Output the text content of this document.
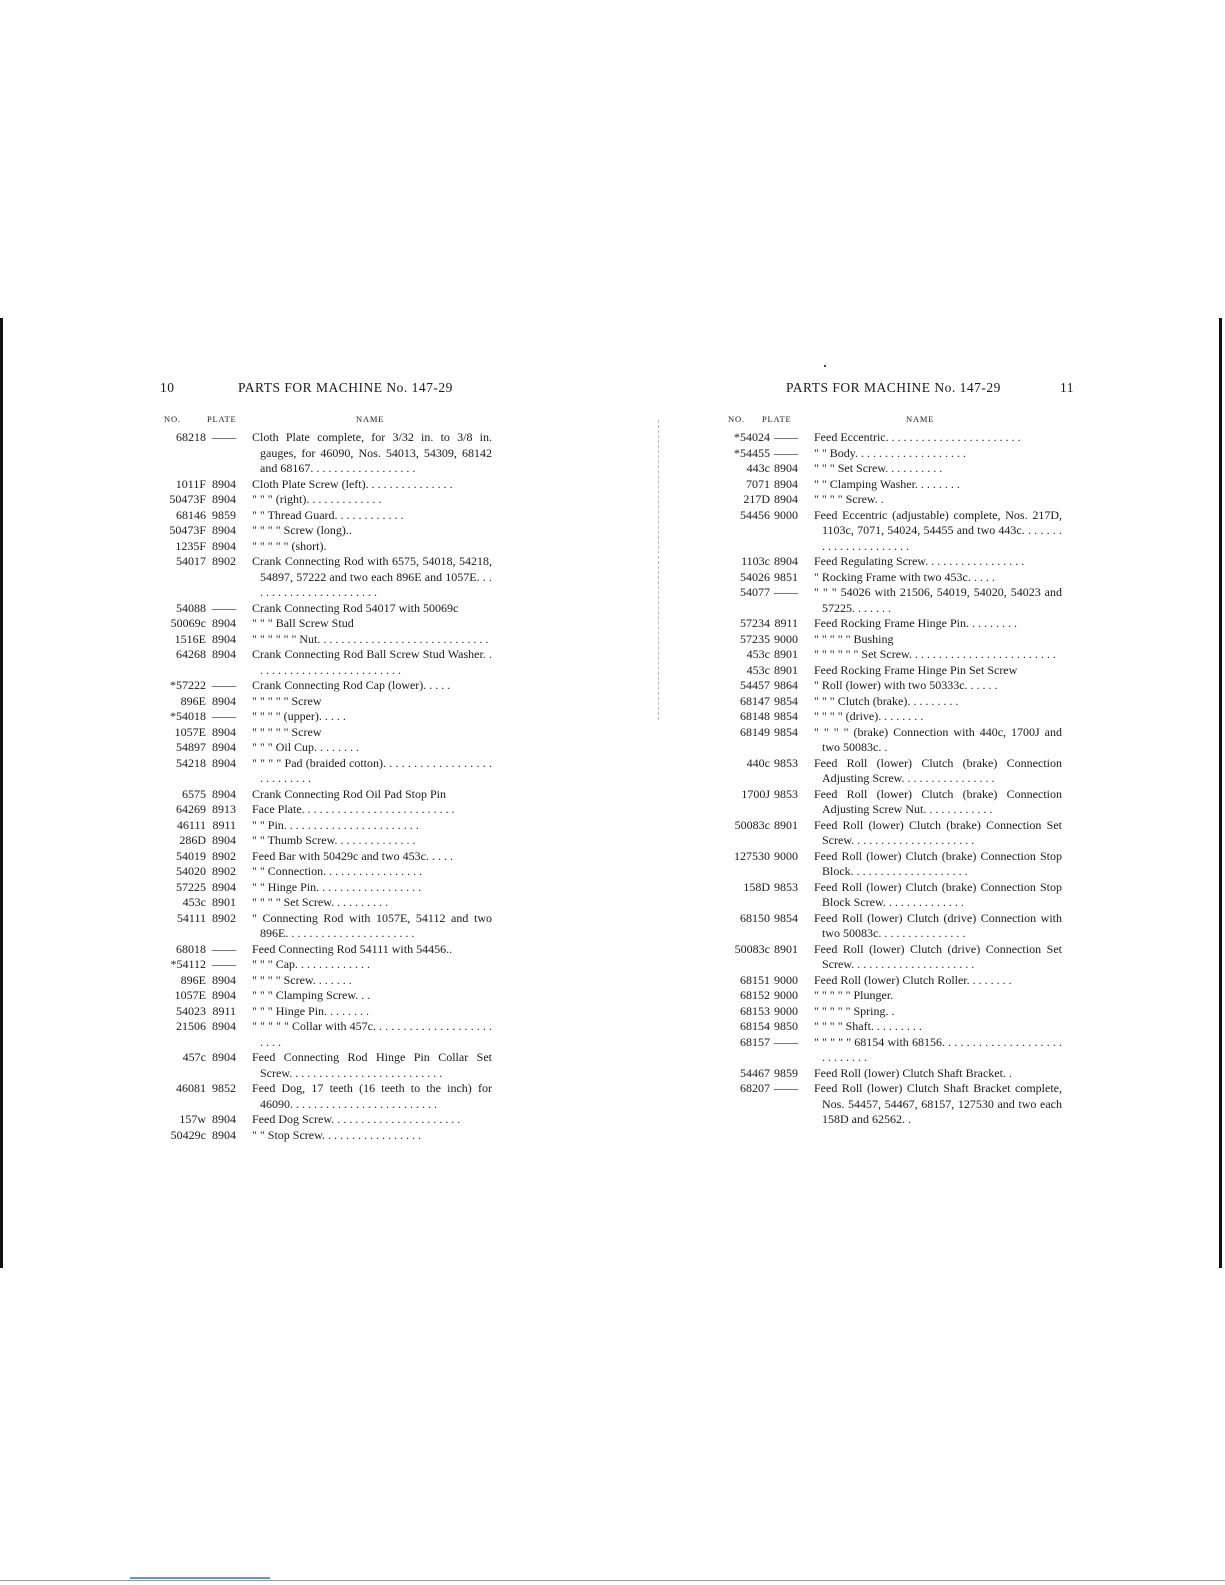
10	PARTS FOR MACHINE No. 147-29
NO.	PLATE	NAME
68218 —— Cloth Plate complete, for 3/32 in. to 3/8 in. gauges, for 46090, Nos. 54013, 54309, 68142 and 68167. . . . . . . . . . . . . . . . . .
1011F 8904 Cloth Plate Screw (left). . . . . . . . . . . . . . .
50473F 8904 " " " (right). . . . . . . . . . . . .
68146 9859 " " Thread Guard. . . . . . . . . . . .
50473F 8904 " " " " Screw (long)..
1235F 8904 " " " " " (short).
54017 8902 Crank Connecting Rod with 6575, 54018, 54218, 54897, 57222 and two each 896E and 1057E. . . . . . . . . . . . . . . . . . . . . . .
54088 —— Crank Connecting Rod 54017 with 50069c
50069c 8904 " " " Ball Screw Stud
1516E 8904 " " " " " " Nut. . . . . . . . . . . . . . . . . . . . . . . . . . . . .
64268 8904 Crank Connecting Rod Ball Screw Stud Washer. . . . . . . . . . . . . . . . . . . . . . . . . .
*57222 —— Crank Connecting Rod Cap (lower). . . . .
896E 8904 " " " " " Screw
*54018 —— " " " " (upper). . . . .
1057E 8904 " " " " " Screw
54897 8904 " " " Oil Cup. . . . . . . .
54218 8904 " " " " Pad (braided cotton). . . . . . . . . . . . . . . . . . . . . . . . . . .
6575 8904 Crank Connecting Rod Oil Pad Stop Pin
64269 8913 Face Plate. . . . . . . . . . . . . . . . . . . . . . . . . .
46111 8911 " " Pin. . . . . . . . . . . . . . . . . . . . . . .
286D 8904 " " Thumb Screw. . . . . . . . . . . . . .
54019 8902 Feed Bar with 50429c and two 453c. . . . .
54020 8902 " " Connection. . . . . . . . . . . . . . . . .
57225 8904 " " Hinge Pin. . . . . . . . . . . . . . . . . .
453c 8901 " " " " Set Screw. . . . . . . . . .
54111 8902 " Connecting Rod with 1057E, 54112 and two 896E. . . . . . . . . . . . . . . . . . . . . .
68018 —— Feed Connecting Rod 54111 with 54456..
*54112 —— " " " Cap. . . . . . . . . . . . .
896E 8904 " " " " Screw. . . . . . .
1057E 8904 " " " Clamping Screw. . .
54023 8911 " " " Hinge Pin. . . . . . . .
21506 8904 " " " " " Collar with 457c. . . . . . . . . . . . . . . . . . . . . . . .
457c 8904 Feed Connecting Rod Hinge Pin Collar Set Screw. . . . . . . . . . . . . . . . . . . . . . . . . .
46081 9852 Feed Dog, 17 teeth (16 teeth to the inch) for 46090. . . . . . . . . . . . . . . . . . . . . . . . .
157w 8904 Feed Dog Screw. . . . . . . . . . . . . . . . . . . . . .
50429c 8904 " " Stop Screw. . . . . . . . . . . . . . . . .
PARTS FOR MACHINE No. 147-29	11
NO. PLATE	NAME
*54024 —— Feed Eccentric. . . . . . . . . . . . . . . . . . . . . . .
*54455 —— " " Body. . . . . . . . . . . . . . . . . . .
443c 8904 " " " Set Screw. . . . . . . . . .
7071 8904 " " Clamping Washer. . . . . . . .
217D 8904 " " " " Screw. .
54456 9000 Feed Eccentric (adjustable) complete, Nos. 217D, 1103c, 7071, 54024, 54455 and two 443c. . . . . . . . . . . . . . . . . . . . . .
1103c 8904 Feed Regulating Screw. . . . . . . . . . . . . . . . .
54026 9851 " Rocking Frame with two 453c. . . . .
54077 —— " " " 54026 with 21506, 54019, 54020, 54023 and 57225. . . . . . .
57234 8911 Feed Rocking Frame Hinge Pin. . . . . . . . .
57235 9000 " " " " " Bushing
453c 8901 " " " " " " Set Screw. . . . . . . . . . . . . . . . . . . . . . . . .
453c 8901 Feed Rocking Frame Hinge Pin Set Screw
54457 9864 " Roll (lower) with two 50333c. . . . . .
68147 9854 " " " Clutch (brake). . . . . . . . .
68148 9854 " " " " (drive). . . . . . . .
68149 9854 " " " " (brake) Connection with 440c, 1700J and two 50083c. .
440c 9853 Feed Roll (lower) Clutch (brake) Connection Adjusting Screw. . . . . . . . . . . . . . . .
1700J 9853 Feed Roll (lower) Clutch (brake) Connection Adjusting Screw Nut. . . . . . . . . . . .
50083c 8901 Feed Roll (lower) Clutch (brake) Connection Set Screw. . . . . . . . . . . . . . . . . . . . .
127530 9000 Feed Roll (lower) Clutch (brake) Connection Stop Block. . . . . . . . . . . . . . . . . . . .
158D 9853 Feed Roll (lower) Clutch (brake) Connection Stop Block Screw. . . . . . . . . . . . . .
68150 9854 Feed Roll (lower) Clutch (drive) Connection with two 50083c. . . . . . . . . . . . . . .
50083c 8901 Feed Roll (lower) Clutch (drive) Connection Set Screw. . . . . . . . . . . . . . . . . . . . .
68151 9000 Feed Roll (lower) Clutch Roller. . . . . . . .
68152 9000 " " " " " Plunger.
68153 9000 " " " " " Spring. .
68154 9850 " " " " Shaft. . . . . . . . .
68157 —— " " " " " 68154 with 68156. . . . . . . . . . . . . . . . . . . . . . . . . . . .
54467 9859 Feed Roll (lower) Clutch Shaft Bracket. .
68207 —— Feed Roll (lower) Clutch Shaft Bracket complete, Nos. 54457, 54467, 68157, 127530 and two each 158D and 62562. .
